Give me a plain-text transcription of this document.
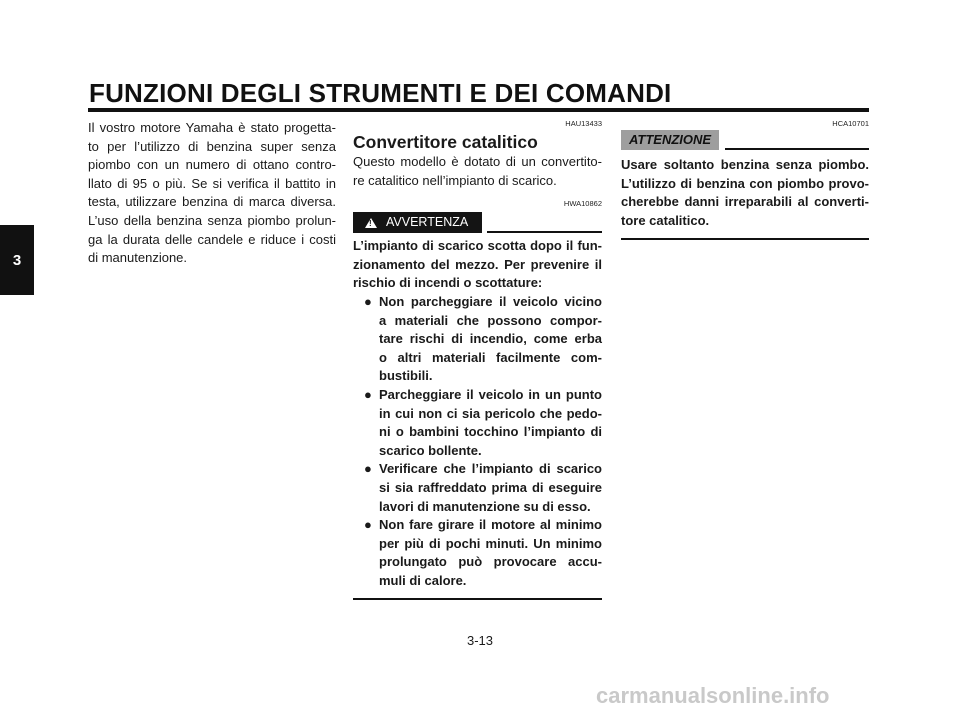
FUNZIONI DEGLI STRUMENTI E DEI COMANDI
3
Il vostro motore Yamaha è stato progetta-
to per l’utilizzo di benzina super senza
piombo con un numero di ottano contro-
llato di 95 o più. Se si verifica il battito in
testa, utilizzare benzina di marca diversa.
L’uso della benzina senza piombo prolun-
ga la durata delle candele e riduce i costi
di manutenzione.
HAU13433
Convertitore catalitico
Questo modello è dotato di un convertito-
re catalitico nell’impianto di scarico.
HWA10862
! AVVERTENZA
L’impianto di scarico scotta dopo il fun-
zionamento del mezzo. Per prevenire il
rischio di incendi o scottature:
● Non parcheggiare il veicolo vicino
a materiali che possono compor-
tare rischi di incendio, come erba
o altri materiali facilmente com-
bustibili.
● Parcheggiare il veicolo in un punto
in cui non ci sia pericolo che pedo-
ni o bambini tocchino l’impianto di
scarico bollente.
● Verificare che l’impianto di scarico
si sia raffreddato prima di eseguire
lavori di manutenzione su di esso.
● Non fare girare il motore al minimo
per più di pochi minuti. Un minimo
prolungato può provocare accu-
muli di calore.
HCA10701
ATTENZIONE
Usare soltanto benzina senza piombo.
L’utilizzo di benzina con piombo provo-
cherebbe danni irreparabili al converti-
tore catalitico.
3-13
carmanualsonline.info
